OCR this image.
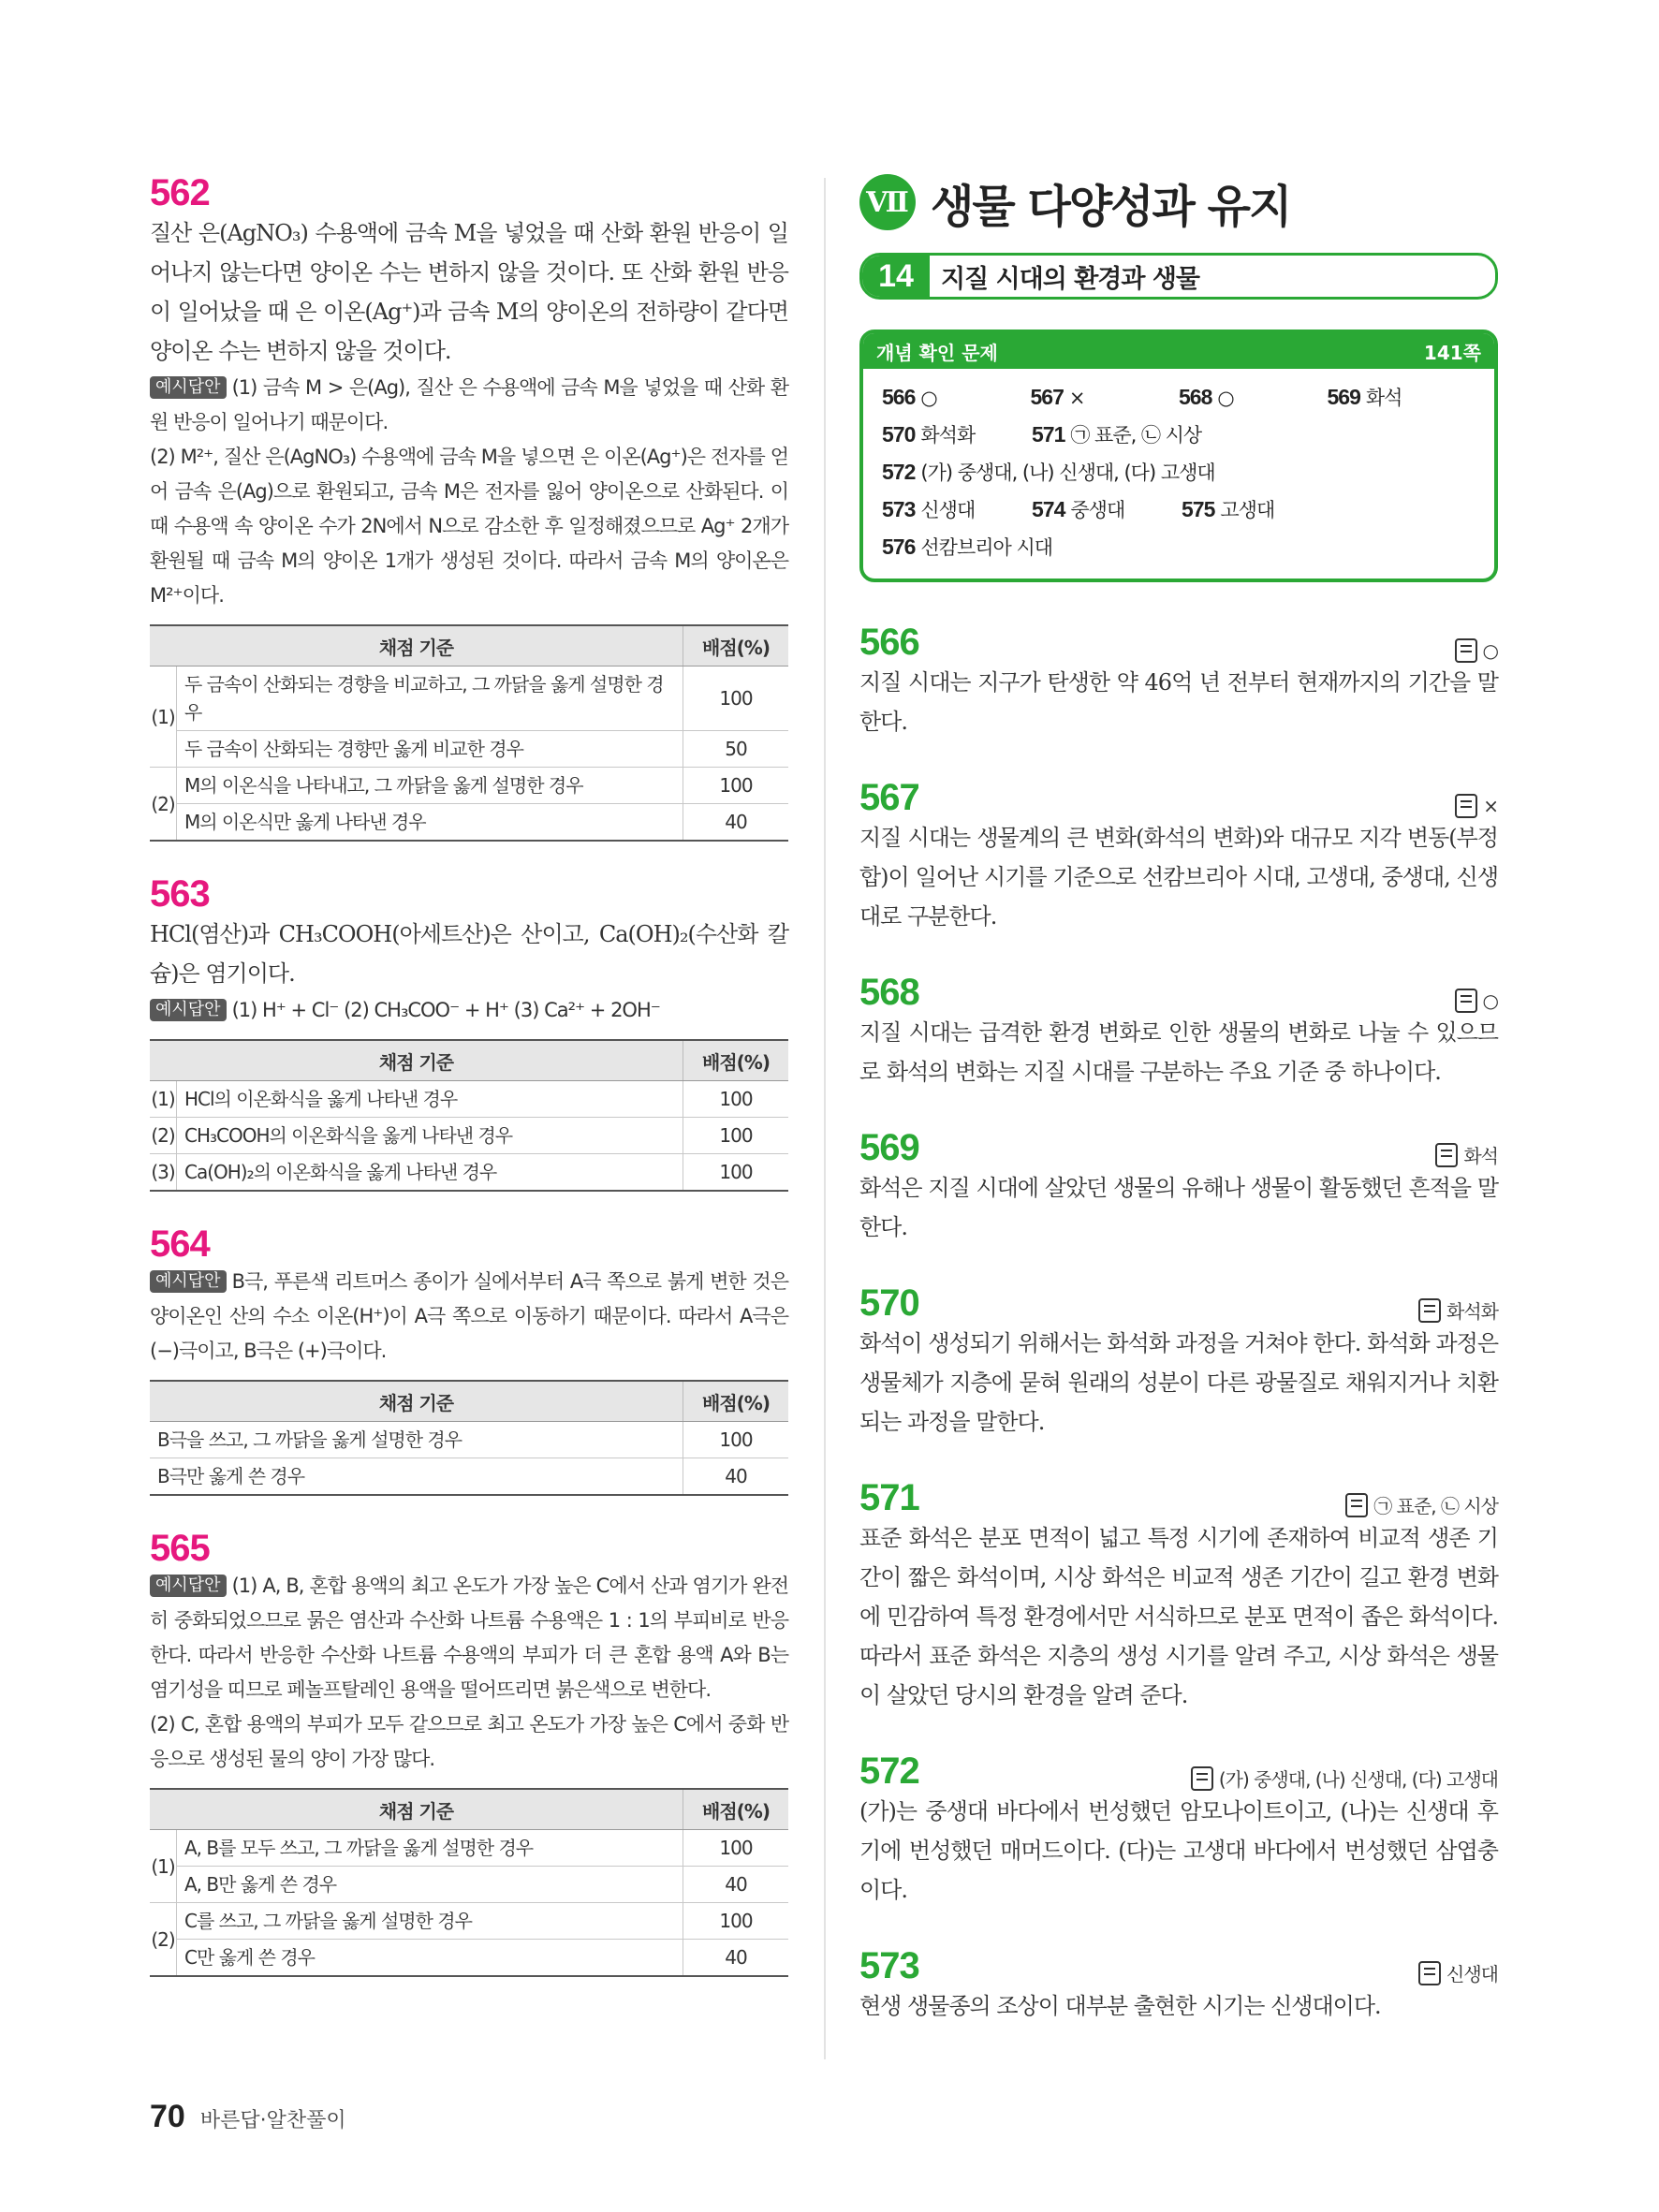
562
질산 은(AgNO₃) 수용액에 금속 M을 넣었을 때 산화 환원 반응이 일어나지 않는다면 양이온 수는 변하지 않을 것이다. 또 산화 환원 반응이 일어났을 때 은 이온(Ag⁺)과 금속 M의 양이온의 전하량이 같다면 양이온 수는 변하지 않을 것이다.
예시답안 (1) 금속 M > 은(Ag), 질산 은 수용액에 금속 M을 넣었을 때 산화 환원 반응이 일어나기 때문이다.
(2) M²⁺, 질산 은(AgNO₃) 수용액에 금속 M을 넣으면 은 이온(Ag⁺)은 전자를 얻어 금속 은(Ag)으로 환원되고, 금속 M은 전자를 잃어 양이온으로 산화된다. 이때 수용액 속 양이온 수가 2N에서 N으로 감소한 후 일정해졌으므로 Ag⁺ 2개가 환원될 때 금속 M의 양이온 1개가 생성된 것이다. 따라서 금속 M의 양이온은 M²⁺이다.
채점 기준		배점(%)
(1)	두 금속이 산화되는 경향을 비교하고, 그 까닭을 옳게 설명한 경우	100
	두 금속이 산화되는 경향만 옳게 비교한 경우	50
(2)	M의 이온식을 나타내고, 그 까닭을 옳게 설명한 경우	100
	M의 이온식만 옳게 나타낸 경우	40
563
HCl(염산)과 CH₃COOH(아세트산)은 산이고, Ca(OH)₂(수산화 칼슘)은 염기이다.
예시답안 (1) H⁺ + Cl⁻ (2) CH₃COO⁻ + H⁺ (3) Ca²⁺ + 2OH⁻
채점 기준		배점(%)
(1)	HCl의 이온화식을 옳게 나타낸 경우	100
(2)	CH₃COOH의 이온화식을 옳게 나타낸 경우	100
(3)	Ca(OH)₂의 이온화식을 옳게 나타낸 경우	100
564
예시답안 B극, 푸른색 리트머스 종이가 실에서부터 A극 쪽으로 붉게 변한 것은 양이온인 산의 수소 이온(H⁺)이 A극 쪽으로 이동하기 때문이다. 따라서 A극은 (−)극이고, B극은 (+)극이다.
채점 기준	배점(%)
B극을 쓰고, 그 까닭을 옳게 설명한 경우	100
B극만 옳게 쓴 경우	40
565
예시답안 (1) A, B, 혼합 용액의 최고 온도가 가장 높은 C에서 산과 염기가 완전히 중화되었으므로 묽은 염산과 수산화 나트륨 수용액은 1 : 1의 부피비로 반응한다. 따라서 반응한 수산화 나트륨 수용액의 부피가 더 큰 혼합 용액 A와 B는 염기성을 띠므로 페놀프탈레인 용액을 떨어뜨리면 붉은색으로 변한다.
(2) C, 혼합 용액의 부피가 모두 같으므로 최고 온도가 가장 높은 C에서 중화 반응으로 생성된 물의 양이 가장 많다.
채점 기준		배점(%)
(1)	A, B를 모두 쓰고, 그 까닭을 옳게 설명한 경우	100
	A, B만 옳게 쓴 경우	40
(2)	C를 쓰고, 그 까닭을 옳게 설명한 경우	100
	C만 옳게 쓴 경우	40
Ⅶ 생물 다양성과 유지
14	지질 시대의 환경과 생물
개념 확인 문제	141쪽
566 ○	567 ×	568 ○	569 화석
570 화석화	571 ㉠ 표준, ㉡ 시상
572 (가) 중생대, (나) 신생대, (다) 고생대
573 신생대	574 중생대	575 고생대
576 선캄브리아 시대
566	○
지질 시대는 지구가 탄생한 약 46억 년 전부터 현재까지의 기간을 말한다.
567	×
지질 시대는 생물계의 큰 변화(화석의 변화)와 대규모 지각 변동(부정합)이 일어난 시기를 기준으로 선캄브리아 시대, 고생대, 중생대, 신생대로 구분한다.
568	○
지질 시대는 급격한 환경 변화로 인한 생물의 변화로 나눌 수 있으므로 화석의 변화는 지질 시대를 구분하는 주요 기준 중 하나이다.
569	화석
화석은 지질 시대에 살았던 생물의 유해나 생물이 활동했던 흔적을 말한다.
570	화석화
화석이 생성되기 위해서는 화석화 과정을 거쳐야 한다. 화석화 과정은 생물체가 지층에 묻혀 원래의 성분이 다른 광물질로 채워지거나 치환되는 과정을 말한다.
571	㉠ 표준, ㉡ 시상
표준 화석은 분포 면적이 넓고 특정 시기에 존재하여 비교적 생존 기간이 짧은 화석이며, 시상 화석은 비교적 생존 기간이 길고 환경 변화에 민감하여 특정 환경에서만 서식하므로 분포 면적이 좁은 화석이다. 따라서 표준 화석은 지층의 생성 시기를 알려 주고, 시상 화석은 생물이 살았던 당시의 환경을 알려 준다.
572	(가) 중생대, (나) 신생대, (다) 고생대
(가)는 중생대 바다에서 번성했던 암모나이트이고, (나)는 신생대 후기에 번성했던 매머드이다. (다)는 고생대 바다에서 번성했던 삼엽충이다.
573	신생대
현생 생물종의 조상이 대부분 출현한 시기는 신생대이다.
70 바른답·알찬풀이
